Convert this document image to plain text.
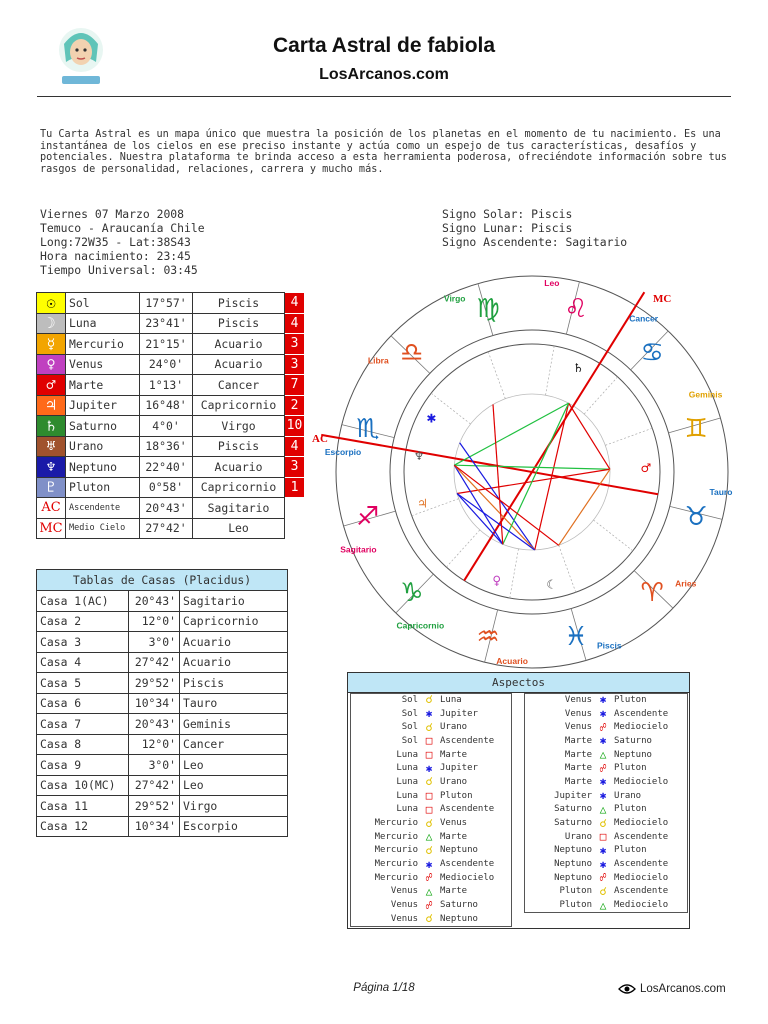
Carta Astral de fabiola
LosArcanos.com
Tu Carta Astral es un mapa único que muestra la posición de los planetas en el momento de tu nacimiento. Es una instantánea de los cielos en ese preciso instante y actúa como un espejo de tus características, desafíos y potenciales. Nuestra plataforma te brinda acceso a esta herramienta poderosa, ofreciéndote información sobre tus rasgos de personalidad, relaciones, carrera y mucho más.
Viernes 07 Marzo 2008
Temuco - Araucanía Chile
Long:72W35 - Lat:38S43
Hora nacimiento: 23:45
Tiempo Universal: 03:45
Signo Solar: Piscis
Signo Lunar: Piscis
Signo Ascendente: Sagitario
☉	Sol	17°57'	Piscis	4
☽	Luna	23°41'	Piscis	4
☿	Mercurio	21°15'	Acuario	3
♀	Venus	24°0'	Acuario	3
♂	Marte	1°13'	Cancer	7
♃	Jupiter	16°48'	Capricornio	2
♄	Saturno	4°0'	Virgo	10
♅	Urano	18°36'	Piscis	4
♆	Neptuno	22°40'	Acuario	3
♇	Pluton	0°58'	Capricornio	1
AC	Ascendente	20°43'	Sagitario	
MC	Medio Cielo	27°42'	Leo	
Tablas de Casas (Placidus)		
Casa 1(AC)	20°43'	Sagitario
Casa 2	12°0'	Capricornio
Casa 3	3°0'	Acuario
Casa 4	27°42'	Acuario
Casa 5	29°52'	Piscis
Casa 6	10°34'	Tauro
Casa 7	20°43'	Geminis
Casa 8	12°0'	Cancer
Casa 9	3°0'	Leo
Casa 10(MC)	27°42'	Leo
Casa 11	29°52'	Virgo
Casa 12	10°34'	Escorpio
Aspectos
Sol ☌ Luna
Sol ✱ Jupiter
Sol ☌ Urano
Sol □ Ascendente
Luna □ Marte
Luna ✱ Jupiter
Luna ☌ Urano
Luna □ Pluton
Luna □ Ascendente
Mercurio ☌ Venus
Mercurio △ Marte
Mercurio ☌ Neptuno
Mercurio ✱ Ascendente
Mercurio ☍ Mediocielo
Venus △ Marte
Venus ☍ Saturno
Venus ☌ Neptuno
Venus ✱ Pluton
Venus ✱ Ascendente
Venus ☍ Mediocielo
Marte ✱ Saturno
Marte △ Neptuno
Marte ☍ Pluton
Marte ✱ Mediocielo
Jupiter ✱ Urano
Saturno △ Pluton
Saturno ☌ Mediocielo
Urano □ Ascendente
Neptuno ✱ Pluton
Neptuno ✱ Ascendente
Neptuno ☍ Mediocielo
Pluton ☌ Ascendente
Pluton △ Mediocielo
♎
Libra
♍
Virgo	♌
Leo
♋
Cancer
♊
Geminis
♉
Tauro
♈ Aries
♓ Piscis
♒
Acuario
♑
Capricornio
♐
Sagitario
♏
Escorpio
AC
MC
♂
♄
✱
♆
♃
♀	☾
Página 1/18	LosArcanos.com
